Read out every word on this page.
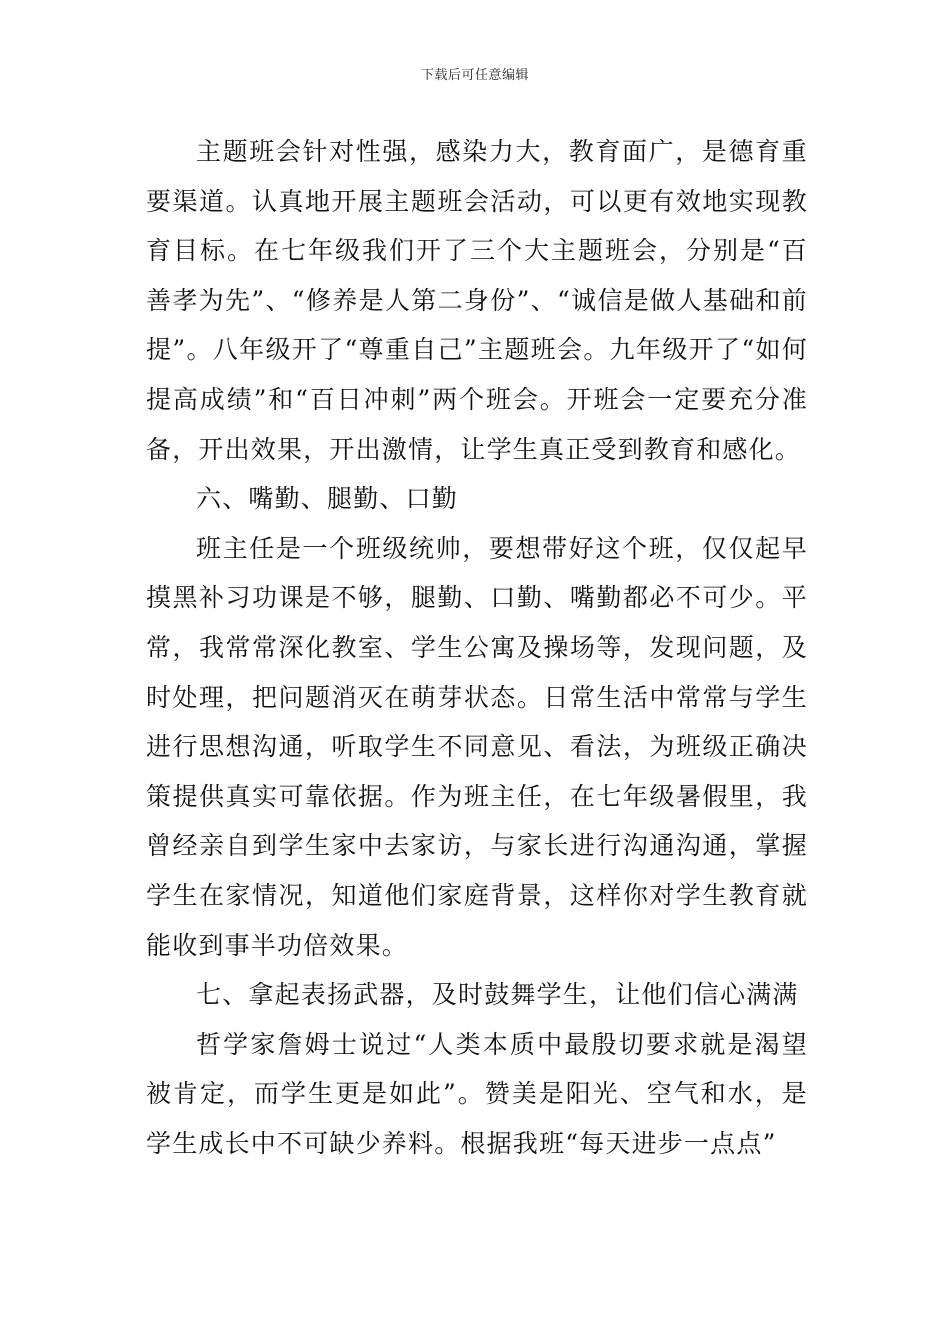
下载后可任意编辑

主题班会针对性强，感染力大，教育面广，是德育重要渠道。认真地开展主题班会活动，可以更有效地实现教育目标。在七年级我们开了三个大主题班会，分别是“百善孝为先”、“修养是人第二身份”、“诚信是做人基础和前提”。八年级开了“尊重自己”主题班会。九年级开了“如何提高成绩”和“百日冲刺”两个班会。开班会一定要充分准备，开出效果，开出激情，让学生真正受到教育和感化。

六、嘴勤、腿勤、口勤

班主任是一个班级统帅，要想带好这个班，仅仅起早摸黑补习功课是不够，腿勤、口勤、嘴勤都必不可少。平常，我常常深化教室、学生公寓及操场等，发现问题，及时处理，把问题消灭在萌芽状态。日常生活中常常与学生进行思想沟通，听取学生不同意见、看法，为班级正确决策提供真实可靠依据。作为班主任，在七年级暑假里，我曾经亲自到学生家中去家访，与家长进行沟通沟通，掌握学生在家情况，知道他们家庭背景，这样你对学生教育就能收到事半功倍效果。

七、拿起表扬武器，及时鼓舞学生，让他们信心满满

哲学家詹姆士说过“人类本质中最殷切要求就是渴望被肯定，而学生更是如此”。赞美是阳光、空气和水，是学生成长中不可缺少养料。根据我班“每天进步一点点”
